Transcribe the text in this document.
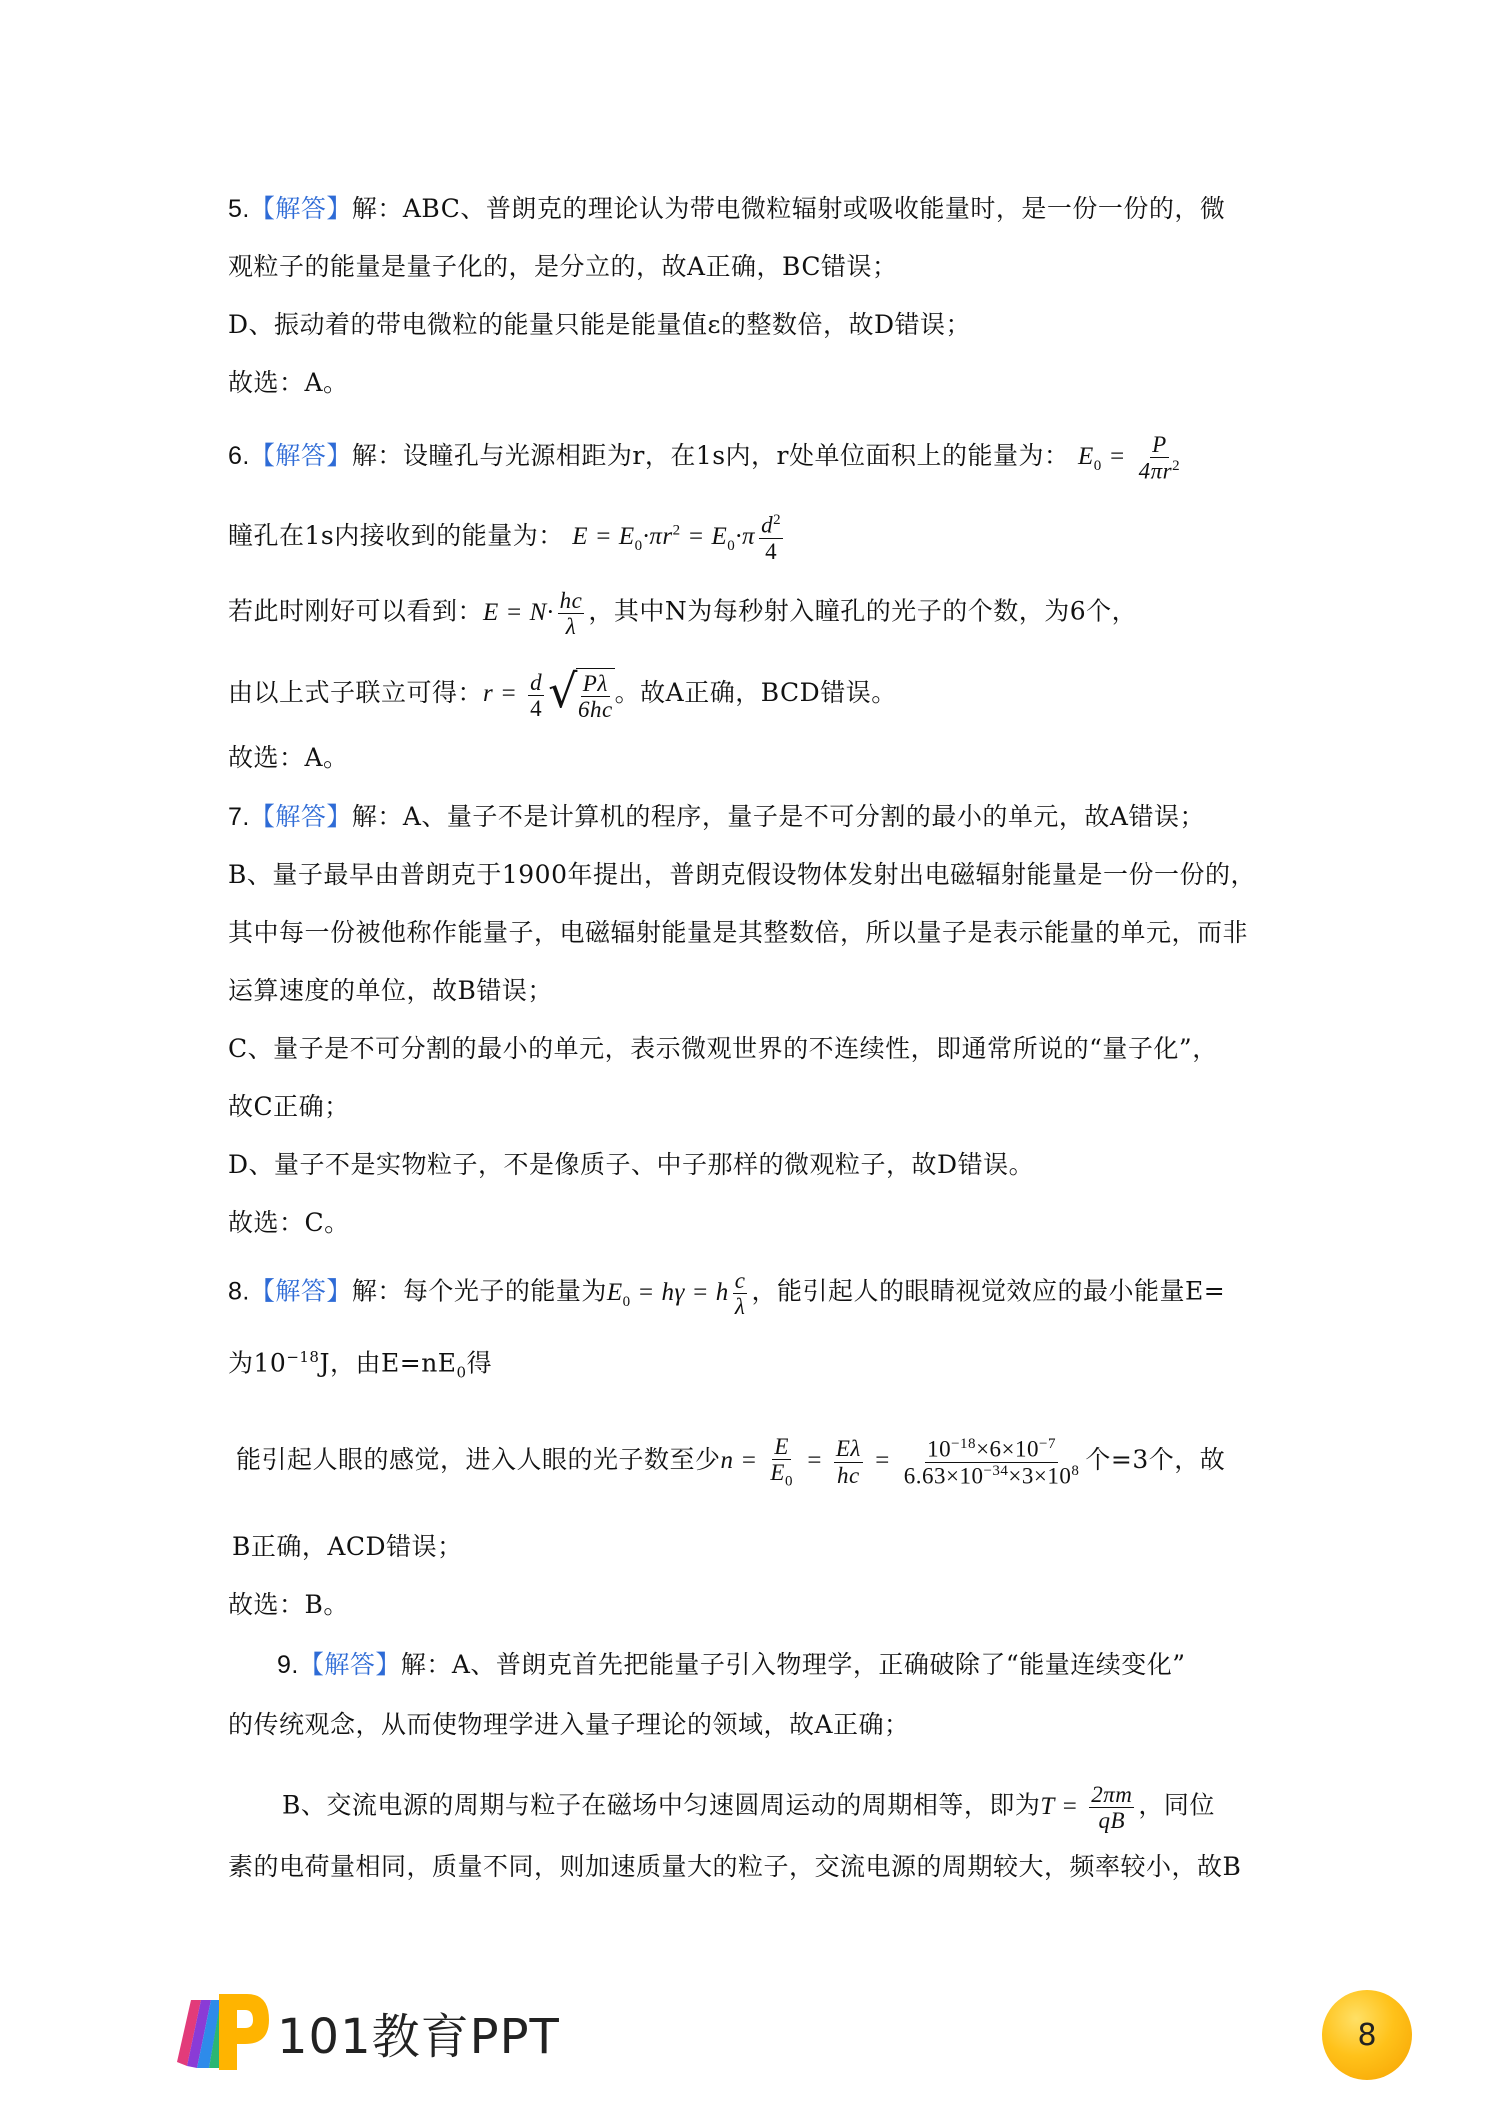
5.【解答】解：ABC、普朗克的理论认为带电微粒辐射或吸收能量时，是一份一份的，微
观粒子的能量是量子化的，是分立的，故A正确，BC错误；
D、振动着的带电微粒的能量只能是能量值ε的整数倍，故D错误；
故选：A。
6.【解答】解：设瞳孔与光源相距为r，在1s内，r处单位面积上的能量为： $E_0 = \frac{P}{4\pi r^2}$
瞳孔在1s内接收到的能量为： $E = E_0\cdot\pi r^2 = E_0\cdot\pi \frac{d^2}{4}$
若此时刚好可以看到：$E = N\cdot \frac{hc}{\lambda}$ ，其中N为每秒射入瞳孔的光子的个数，为6个，
由以上式子联立可得：$r = \frac{d}{4}$ √
$\frac{P\lambda}{6hc}$ 。故A正确，BCD错误。
故选：A。
7.【解答】解：A、量子不是计算机的程序，量子是不可分割的最小的单元，故A错误；
B、量子最早由普朗克于1900年提出，普朗克假设物体发射出电磁辐射能量是一份一份的，
其中每一份被他称作能量子，电磁辐射能量是其整数倍，所以量子是表示能量的单元，而非
运算速度的单位，故B错误；
C、量子是不可分割的最小的单元，表示微观世界的不连续性，即通常所说的“量子化”，
故C正确；
D、量子不是实物粒子，不是像质子、中子那样的微观粒子，故D错误。
故选：C。
8.【解答】解：每个光子的能量为$E_0 = h\gamma = h \frac{c}{\lambda}$ ，能引起人的眼睛视觉效应的最小能量E=
为$10^{-18}J$，由$E=nE_0$得
能引起人眼的感觉，进入人眼的光子数至少$n = \frac{E}{E_0} = \frac{E\lambda}{hc} = \frac{10^{-18}\times 6\times 10^{-7}}{6.63\times 10^{-34}\times 3\times 10^8}$ 个=3个，故
B正确，ACD错误；
故选：B。
9.【解答】解：A、普朗克首先把能量子引入物理学，正确破除了“能量连续变化”
的传统观念，从而使物理学进入量子理论的领域，故A正确；
B、交流电源的周期与粒子在磁场中匀速圆周运动的周期相等，即为$T = \frac{2\pi m}{qB}$ ，同位
素的电荷量相同，质量不同，则加速质量大的粒子，交流电源的周期较大，频率较小，故B
101教育PPT	8
